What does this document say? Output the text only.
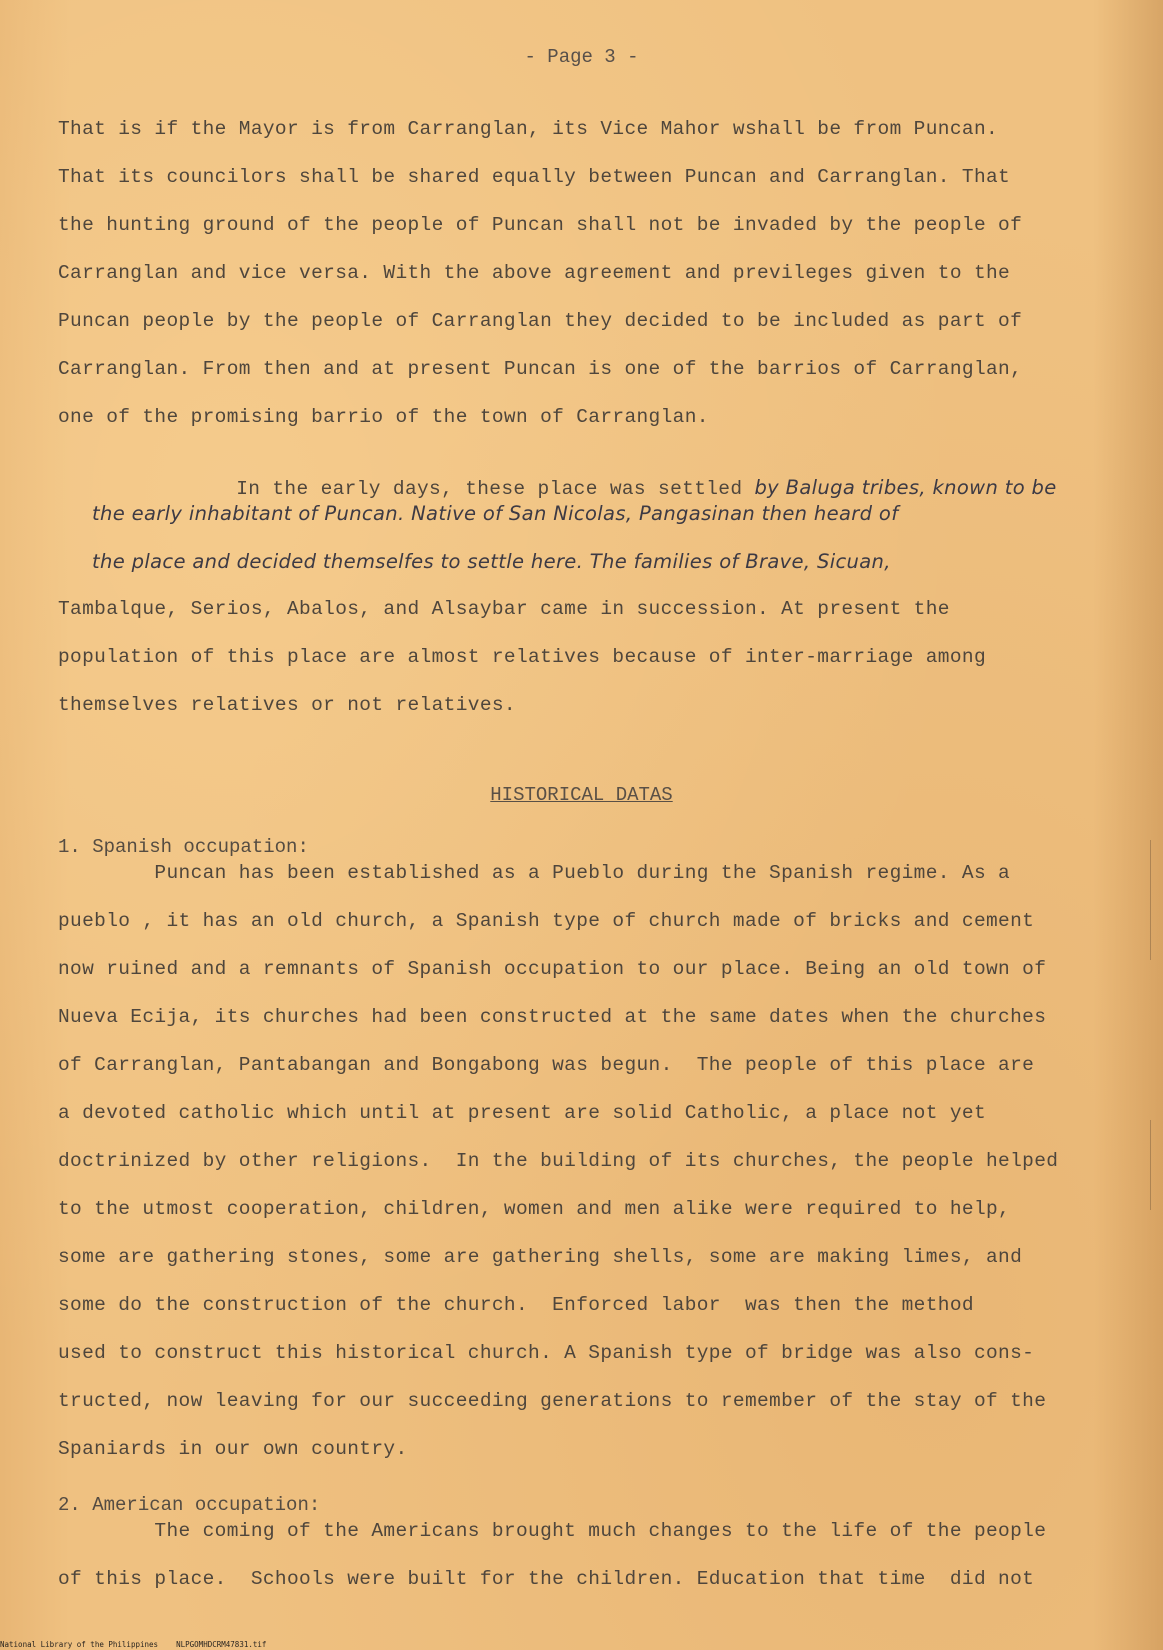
- Page 3 -
That is if the Mayor is from Carranglan, its Vice Mahor wshall be from Puncan.
That its councilors shall be shared equally between Puncan and Carranglan. That
the hunting ground of the people of Puncan shall not be invaded by the people of
Carranglan and vice versa. With the above agreement and previleges given to the
Puncan people by the people of Carranglan they decided to be included as part of
Carranglan. From then and at present Puncan is one of the barrios of Carranglan,
one of the promising barrio of the town of Carranglan.

In the early days, these place was settled by Baluga tribes, known to be

the early inhabitant of Puncan. Native of San Nicolas, Pangasinan then heard of
the place and decided themselfes to settle here. The families of Brave, Sicuan,
Tambalque, Serios, Abalos, and Alsaybar came in succession. At present the
population of this place are almost relatives because of inter-marriage among
themselves relatives or not relatives.
HISTORICAL DATAS
1. Spanish occupation:
Puncan has been established as a Pueblo during the Spanish regime. As a
pueblo , it has an old church, a Spanish type of church made of bricks and cement
now ruined and a remnants of Spanish occupation to our place. Being an old town of
Nueva Ecija, its churches had been constructed at the same dates when the churches
of Carranglan, Pantabangan and Bongabong was begun.  The people of this place are
a devoted catholic which until at present are solid Catholic, a place not yet
doctrinized by other religions.  In the building of its churches, the people helped
to the utmost cooperation, children, women and men alike were required to help,
some are gathering stones, some are gathering shells, some are making limes, and
some do the construction of the church.  Enforced labor  was then the method
used to construct this historical church. A Spanish type of bridge was also cons-
tructed, now leaving for our succeeding generations to remember of the stay of the
Spaniards in our own country.
2. American occupation:
The coming of the Americans brought much changes to the life of the people
of this place.  Schools were built for the children. Education that time  did not
National Library of the Philippines    NLPGOMHDCRM47831.tif
